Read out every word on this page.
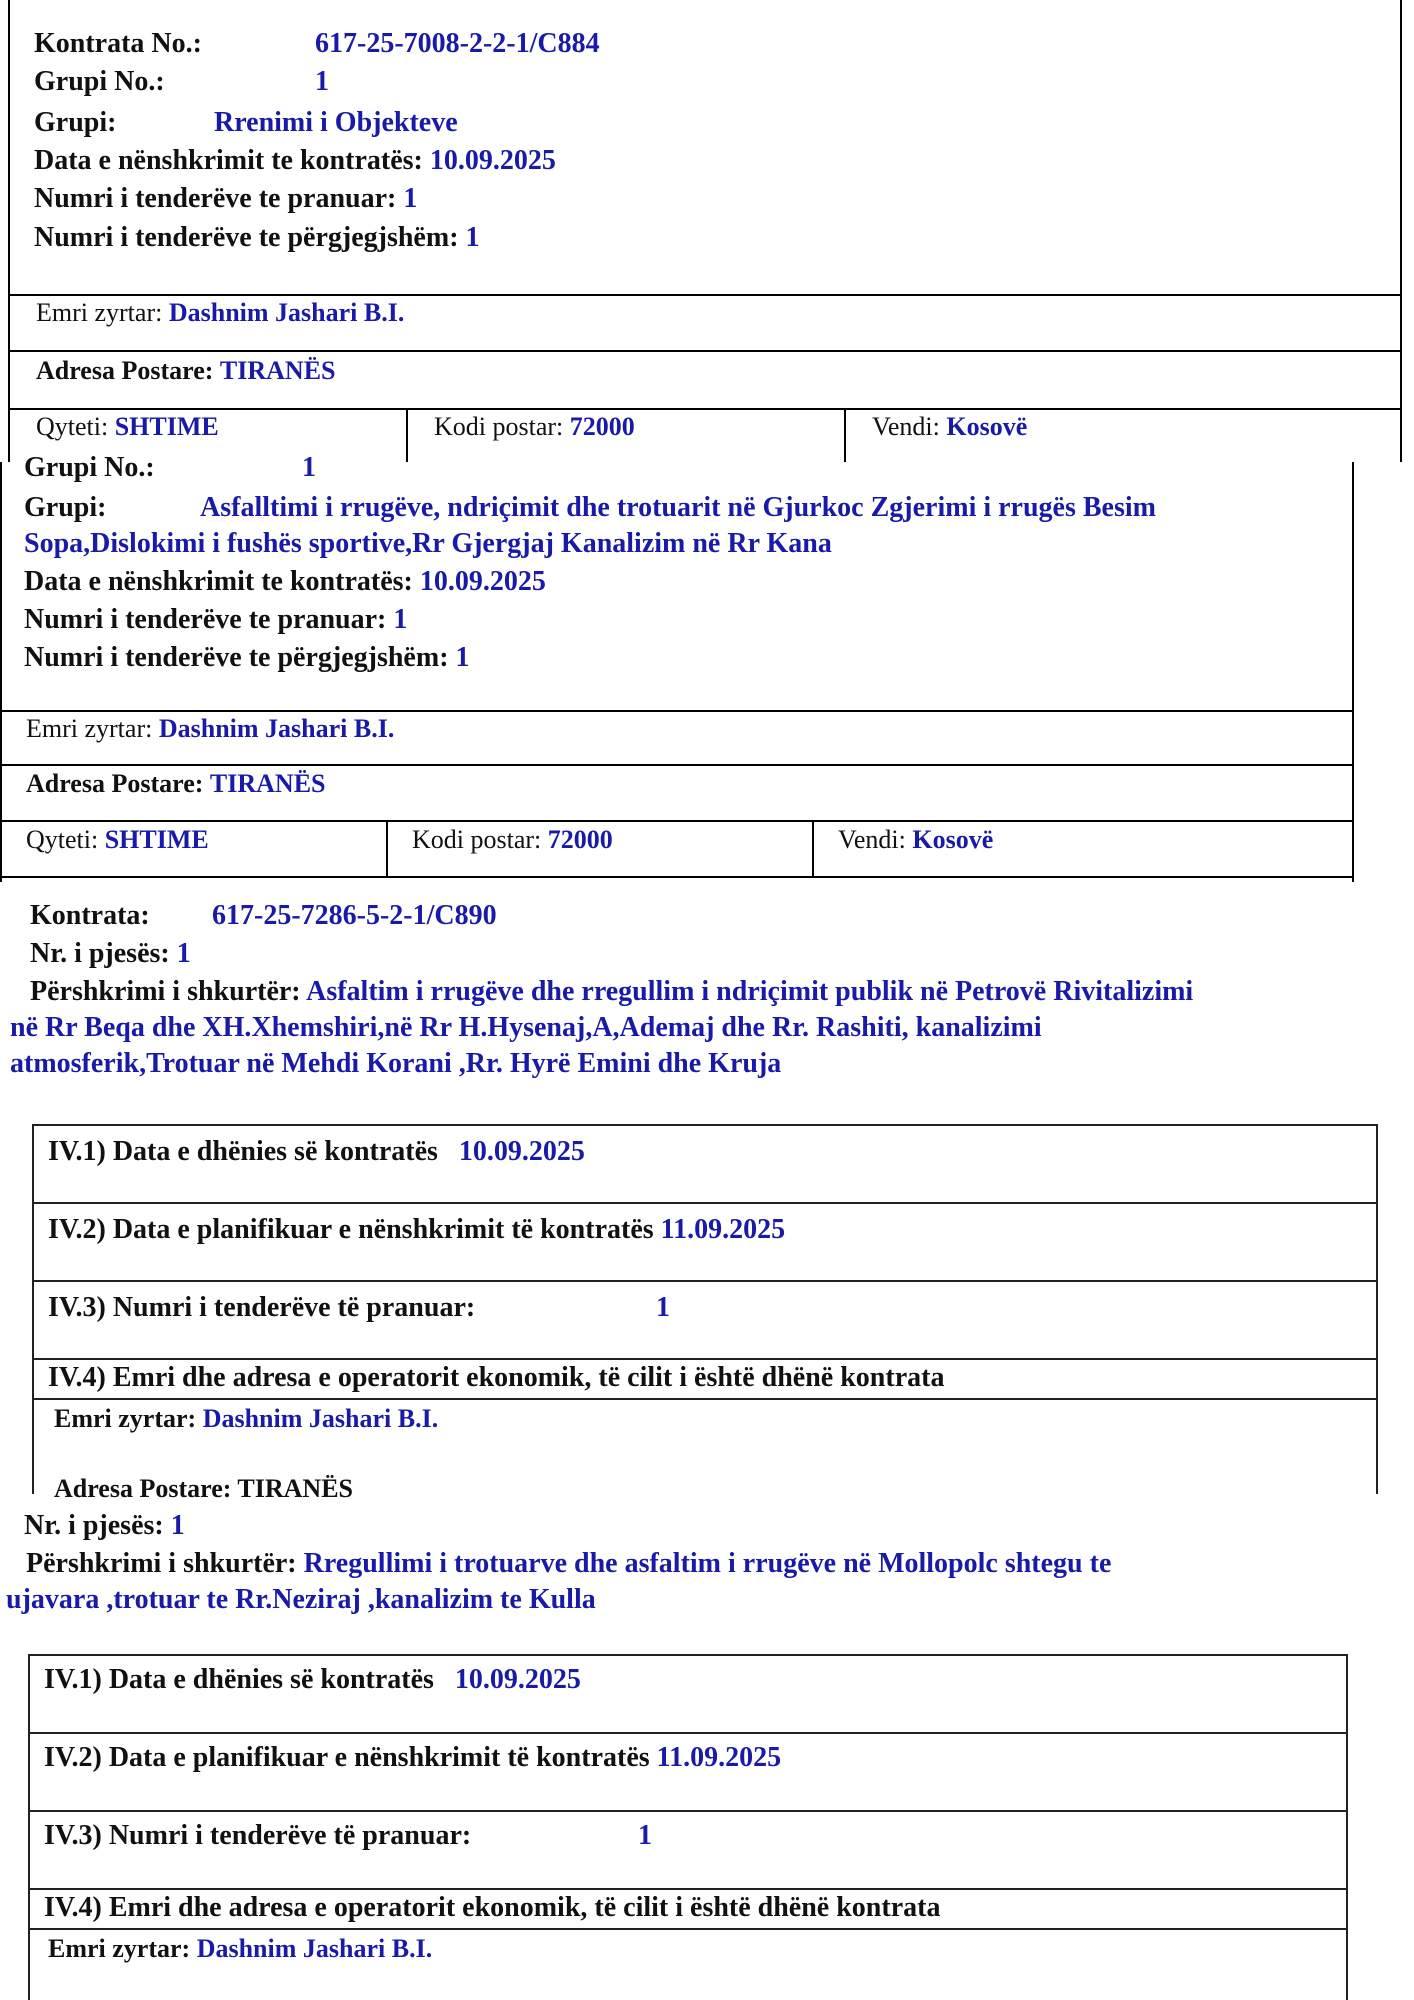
Kontrata No.:	617-25-7008-2-2-1/C884
Grupi No.:	1
Grupi:	Rrenimi i Objekteve
Data e nënshkrimit te kontratës: 10.09.2025
Numri i tenderëve te pranuar: 1
Numri i tenderëve te përgjegjshëm: 1
Emri zyrtar: Dashnim Jashari B.I.
Adresa Postare: TIRANËS
Qyteti: SHTIME	Kodi postar: 72000	Vendi: Kosovë
Grupi No.:	1
Grupi:	Asfalltimi i rrugëve, ndriçimit dhe trotuarit në Gjurkoc Zgjerimi i rrugës Besim
Sopa,Dislokimi i fushës sportive,Rr Gjergjaj Kanalizim në Rr Kana
Data e nënshkrimit te kontratës: 10.09.2025
Numri i tenderëve te pranuar: 1
Numri i tenderëve te përgjegjshëm: 1
Emri zyrtar: Dashnim Jashari B.I.
Adresa Postare: TIRANËS
Qyteti: SHTIME	Kodi postar: 72000	Vendi: Kosovë
Kontrata: 617-25-7286-5-2-1/C890
Nr. i pjesës: 1
Përshkrimi i shkurtër: Asfaltim i rrugëve dhe rregullim i ndriçimit publik në Petrovë Rivitalizimi
në Rr Beqa dhe XH.Xhemshiri,në Rr H.Hysenaj,A,Ademaj dhe Rr. Rashiti, kanalizimi
atmosferik,Trotuar në Mehdi Korani ,Rr. Hyrë Emini dhe Kruja
IV.1) Data e dhënies së kontratës 10.09.2025
IV.2) Data e planifikuar e nënshkrimit të kontratës 11.09.2025
IV.3) Numri i tenderëve të pranuar:	1
IV.4) Emri dhe adresa e operatorit ekonomik, të cilit i është dhënë kontrata
Emri zyrtar: Dashnim Jashari B.I.
Adresa Postare: TIRANËS
Nr. i pjesës: 1
Përshkrimi i shkurtër: Rregullimi i trotuarve dhe asfaltim i rrugëve në Mollopolc shtegu te
ujavara ,trotuar te Rr.Neziraj ,kanalizim te Kulla
IV.1) Data e dhënies së kontratës 10.09.2025
IV.2) Data e planifikuar e nënshkrimit të kontratës 11.09.2025
IV.3) Numri i tenderëve të pranuar:	1
IV.4) Emri dhe adresa e operatorit ekonomik, të cilit i është dhënë kontrata
Emri zyrtar: Dashnim Jashari B.I.
